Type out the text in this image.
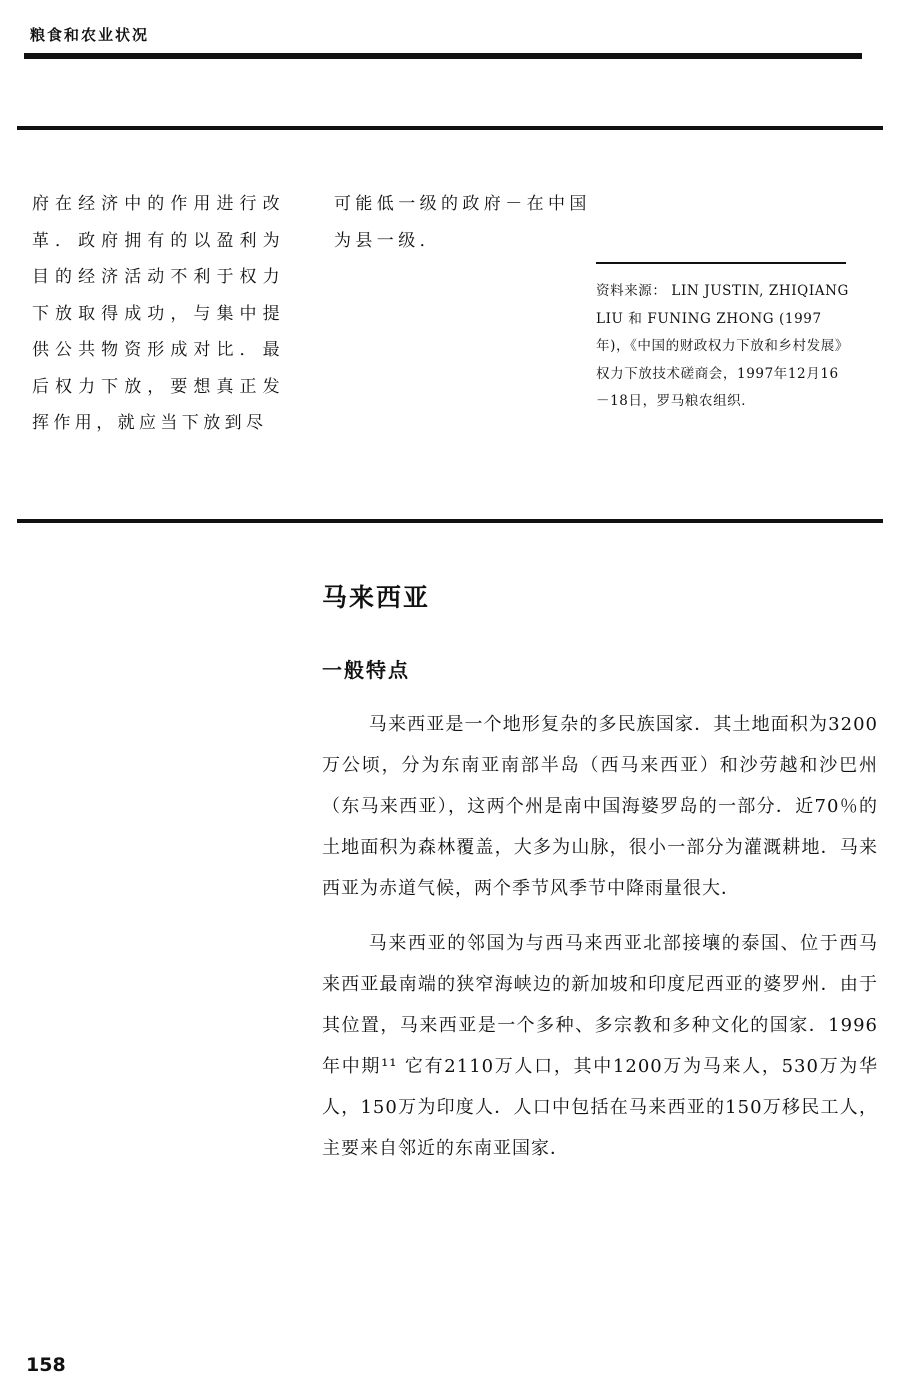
粮食和农业状况
府在经济中的作用进行改革．政府拥有的以盈利为目的经济活动不利于权力下放取得成功，与集中提供公共物资形成对比．最后权力下放，要想真正发挥作用，就应当下放到尽
可能低一级的政府－在中国为县一级．
资料来源： LIN JUSTIN, ZHIQIANG LIU 和 FUNING ZHONG (1997年)，《中国的财政权力下放和乡村发展》权力下放技术磋商会，1997年12月16－18日，罗马粮农组织．
马来西亚
一般特点

马来西亚是一个地形复杂的多民族国家．其土地面积为3200万公顷，分为东南亚南部半岛（西马来西亚）和沙劳越和沙巴州（东马来西亚），这两个州是南中国海婆罗岛的一部分．近70％的土地面积为森林覆盖，大多为山脉，很小一部分为灌溉耕地．马来西亚为赤道气候，两个季节风季节中降雨量很大．

马来西亚的邻国为与西马来西亚北部接壤的泰国、位于西马来西亚最南端的狭窄海峡边的新加坡和印度尼西亚的婆罗州．由于其位置，马来西亚是一个多种、多宗教和多种文化的国家．1996年中期¹¹ 它有2110万人口，其中1200万为马来人，530万为华人，150万为印度人．人口中包括在马来西亚的150万移民工人，主要来自邻近的东南亚国家．

158
